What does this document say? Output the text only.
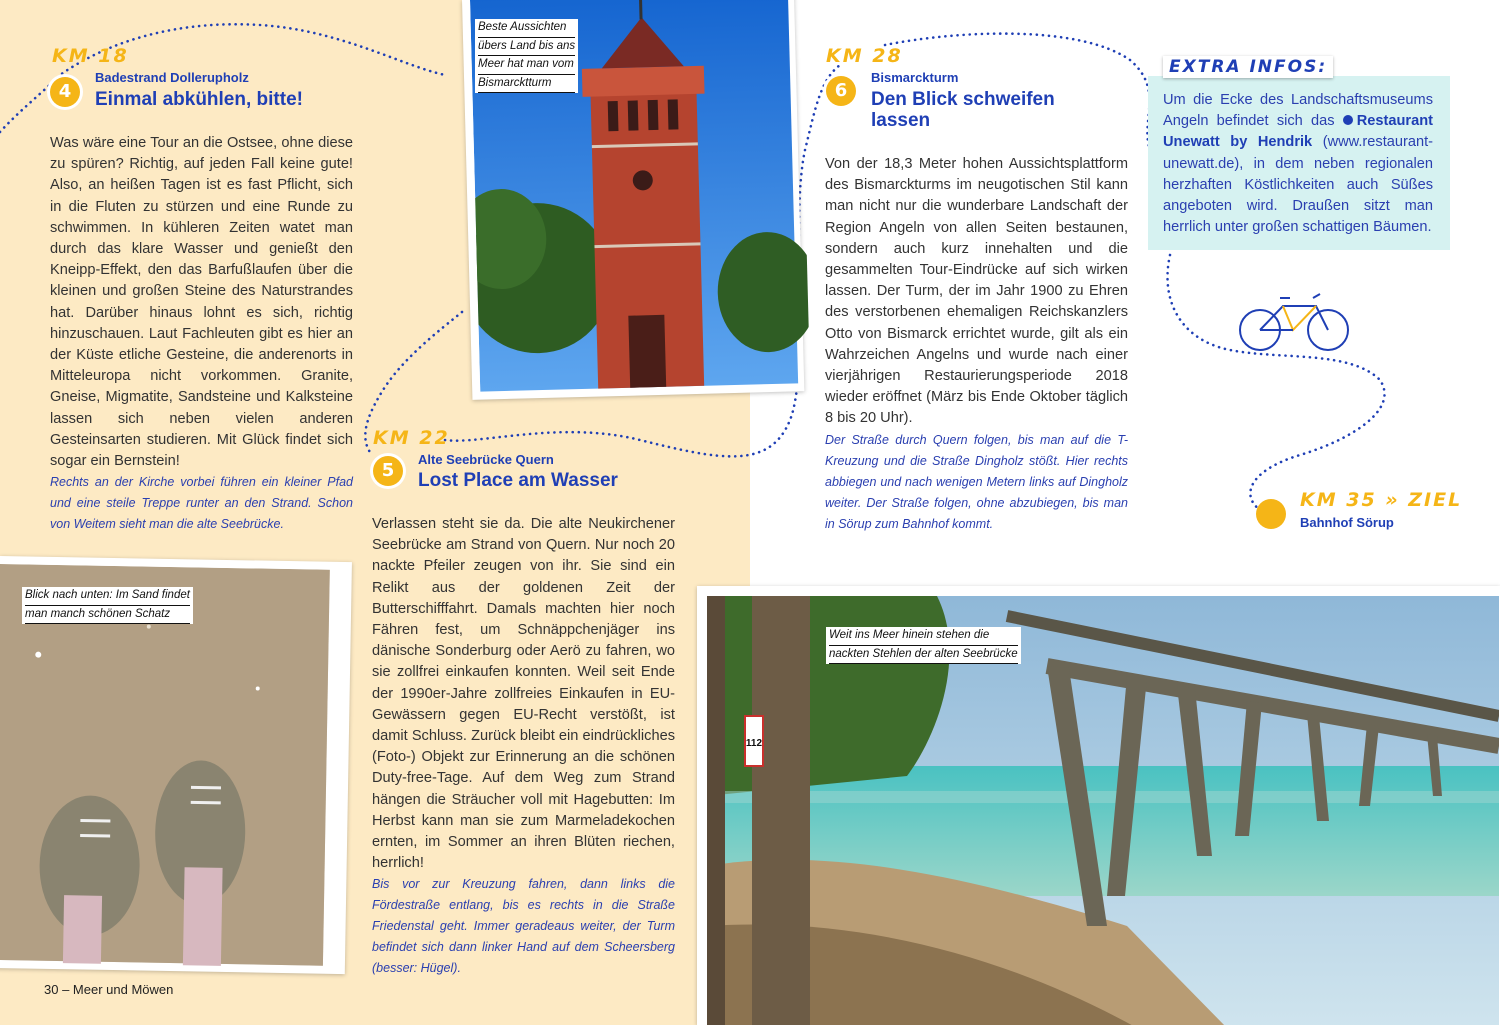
KM 18
4
Badestrand Dollerupholz
Einmal abkühlen, bitte!
Was wäre eine Tour an die Ostsee, ohne diese zu spüren? Richtig, auf jeden Fall keine gute! Also, an heißen Tagen ist es fast Pflicht, sich in die Fluten zu stürzen und eine Runde zu schwimmen. In kühleren Zeiten watet man durch das klare Wasser und genießt den Kneipp-Effekt, den das Barfußlaufen über die kleinen und großen Steine des Naturstrandes hat. Darüber hinaus lohnt es sich, richtig hinzuschauen. Laut Fachleuten gibt es hier an der Küste etliche Gesteine, die anderenorts in Mitteleuropa nicht vorkommen. Granite, Gneise, Migmatite, Sandsteine und Kalksteine lassen sich neben vielen anderen Gesteinsarten studieren. Mit Glück findet sich sogar ein Bernstein!
Rechts an der Kirche vorbei führen ein kleiner Pfad und eine steile Treppe runter an den Strand. Schon von Weitem sieht man die alte Seebrücke.
Beste Aussichten
übers Land bis ans
Meer hat man vom
Bismarcktturm
KM 22
5
Alte Seebrücke Quern
Lost Place am Wasser
Verlassen steht sie da. Die alte Neukirchener Seebrücke am Strand von Quern. Nur noch 20 nackte Pfeiler zeugen von ihr. Sie sind ein Relikt aus der goldenen Zeit der Butterschifffahrt. Damals machten hier noch Fähren fest, um Schnäppchenjäger ins dänische Sonderburg oder Aerö zu fahren, wo sie zollfrei einkaufen konnten. Weil seit Ende der 1990er-Jahre zollfreies Einkaufen in EU-Gewässern gegen EU-Recht verstößt, ist damit Schluss. Zurück bleibt ein eindrückliches (Foto-) Objekt zur Erinnerung an die schönen Duty-free-Tage. Auf dem Weg zum Strand hängen die Sträucher voll mit Hagebutten: Im Herbst kann man sie zum Marmeladekochen ernten, im Sommer an ihren Blüten riechen, herrlich!
Bis vor zur Kreuzung fahren, dann links die Fördestraße entlang, bis es rechts in die Straße Friedenstal geht. Immer geradeaus weiter, der Turm befindet sich dann linker Hand auf dem Scheersberg (besser: Hügel).
Blick nach unten: Im Sand findet
man manch schönen Schatz
30 – Meer und Möwen
KM 28
6
Bismarckturm
Den Blick schweifen
lassen
Von der 18,3 Meter hohen Aussichtsplattform des Bismarckturms im neugotischen Stil kann man nicht nur die wunderbare Landschaft der Region Angeln von allen Seiten bestaunen, sondern auch kurz innehalten und die gesammelten Tour-Eindrücke auf sich wirken lassen. Der Turm, der im Jahr 1900 zu Ehren des verstorbenen ehemaligen Reichskanzlers Otto von Bismarck errichtet wurde, gilt als ein Wahrzeichen Angelns und wurde nach einer vierjährigen Restaurierungsperiode 2018 wieder eröffnet (März bis Ende Oktober täglich 8 bis 20 Uhr).
Der Straße durch Quern folgen, bis man auf die T-Kreuzung und die Straße Dingholz stößt. Hier rechts abbiegen und nach wenigen Metern links auf Dingholz weiter. Der Straße folgen, ohne abzubiegen, bis man in Sörup zum Bahnhof kommt.
EXTRA INFOS:
Um die Ecke des Landschaftsmuseums Angeln befindet sich das Restaurant Unewatt by Hendrik (www.restaurant-unewatt.de), in dem neben regionalen herzhaften Köstlichkeiten auch Süßes angeboten wird. Draußen sitzt man herrlich unter großen schattigen Bäumen.
KM 35 » ZIEL
Bahnhof Sörup
112
Weit ins Meer hinein stehen die
nackten Stehlen der alten Seebrücke
